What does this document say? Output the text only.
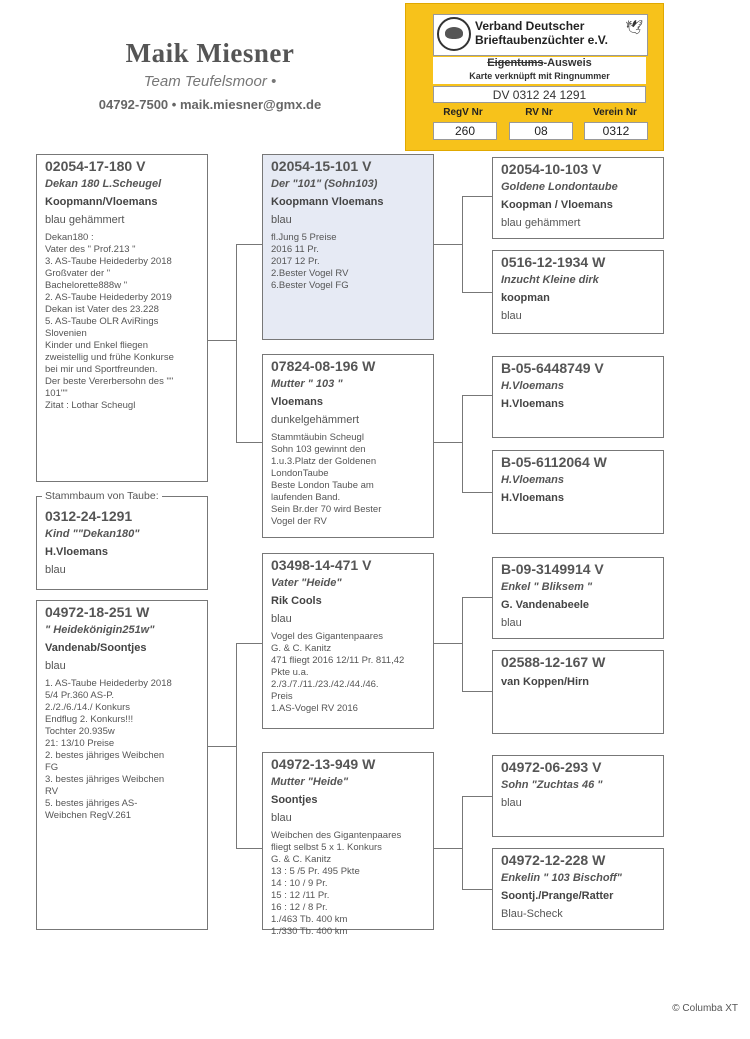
Maik Miesner
Team Teufelsmoor •
04792-7500 • maik.miesner@gmx.de
Verband Deutscher
Brieftaubenzüchter e.V.
🕊
Eigentums-Ausweis
Karte verknüpft mit Ringnummer
DV 0312 24 1291
RegV Nr	RV Nr	Verein Nr
260	08	0312
02054-17-180 V
Dekan 180 L.Scheugel
Koopmann/Vloemans
blau gehämmert
Dekan180 :
Vater des " Prof.213 "
3. AS-Taube Heidederby 2018
Großvater der "
Bachelorette888w "
2. AS-Taube Heidederby 2019
Dekan ist Vater des 23.228
5. AS-Taube OLR AviRings
Slovenien
Kinder und Enkel fliegen
zweistellig und frühe Konkurse
bei mir und Sportfreunden.
Der beste Vererbersohn des ""
101""
Zitat : Lothar Scheugl
0312-24-1291
Kind ""Dekan180"
H.Vloemans
blau
Stammbaum von Taube:
04972-18-251 W
" Heidekönigin251w"
Vandenab/Soontjes
blau
1. AS-Taube Heidederby 2018
5/4 Pr.360 AS-P.
2./2./6./14./ Konkurs
Endflug 2. Konkurs!!!
Tochter 20.935w
21: 13/10 Preise
2. bestes jähriges Weibchen
FG
3. bestes jähriges Weibchen
RV
5. bestes jähriges AS-
Weibchen RegV.261
02054-15-101 V
Der "101" (Sohn103)
Koopmann Vloemans
blau
fl.Jung 5 Preise
2016 11 Pr.
2017 12 Pr.
2.Bester Vogel RV
6.Bester Vogel FG
07824-08-196 W
Mutter " 103 "
Vloemans
dunkelgehämmert
Stammtäubin Scheugl
Sohn 103 gewinnt den
1.u.3.Platz der Goldenen
LondonTaube
Beste London Taube am
laufenden Band.
Sein Br.der 70 wird Bester
Vogel der RV
03498-14-471 V
Vater "Heide"
Rik Cools
blau
Vogel des Gigantenpaares
G. & C. Kanitz
471 fliegt 2016 12/11 Pr. 811,42
Pkte u.a.
2./3./7./11./23./42./44./46.
Preis
1.AS-Vogel RV 2016
04972-13-949 W
Mutter "Heide"
Soontjes
blau
Weibchen des Gigantenpaares
fliegt selbst 5 x 1. Konkurs
G. & C. Kanitz
13 : 5 /5 Pr. 495 Pkte
14 : 10 / 9 Pr.
15 : 12 /11 Pr.
16 : 12 / 8 Pr.
1./463 Tb. 400 km
1./330 Tb. 400 km
02054-10-103 V
Goldene Londontaube
Koopman / Vloemans
blau gehämmert
0516-12-1934 W
Inzucht Kleine dirk
koopman
blau
B-05-6448749 V
H.Vloemans
H.Vloemans
B-05-6112064 W
H.Vloemans
H.Vloemans
B-09-3149914 V
Enkel " Bliksem "
G. Vandenabeele
blau
02588-12-167 W
van Koppen/Hirn
04972-06-293 V
Sohn "Zuchtas 46 "
blau
04972-12-228 W
Enkelin " 103 Bischoff"
Soontj./Prange/Ratter
Blau-Scheck
© Columba XT
